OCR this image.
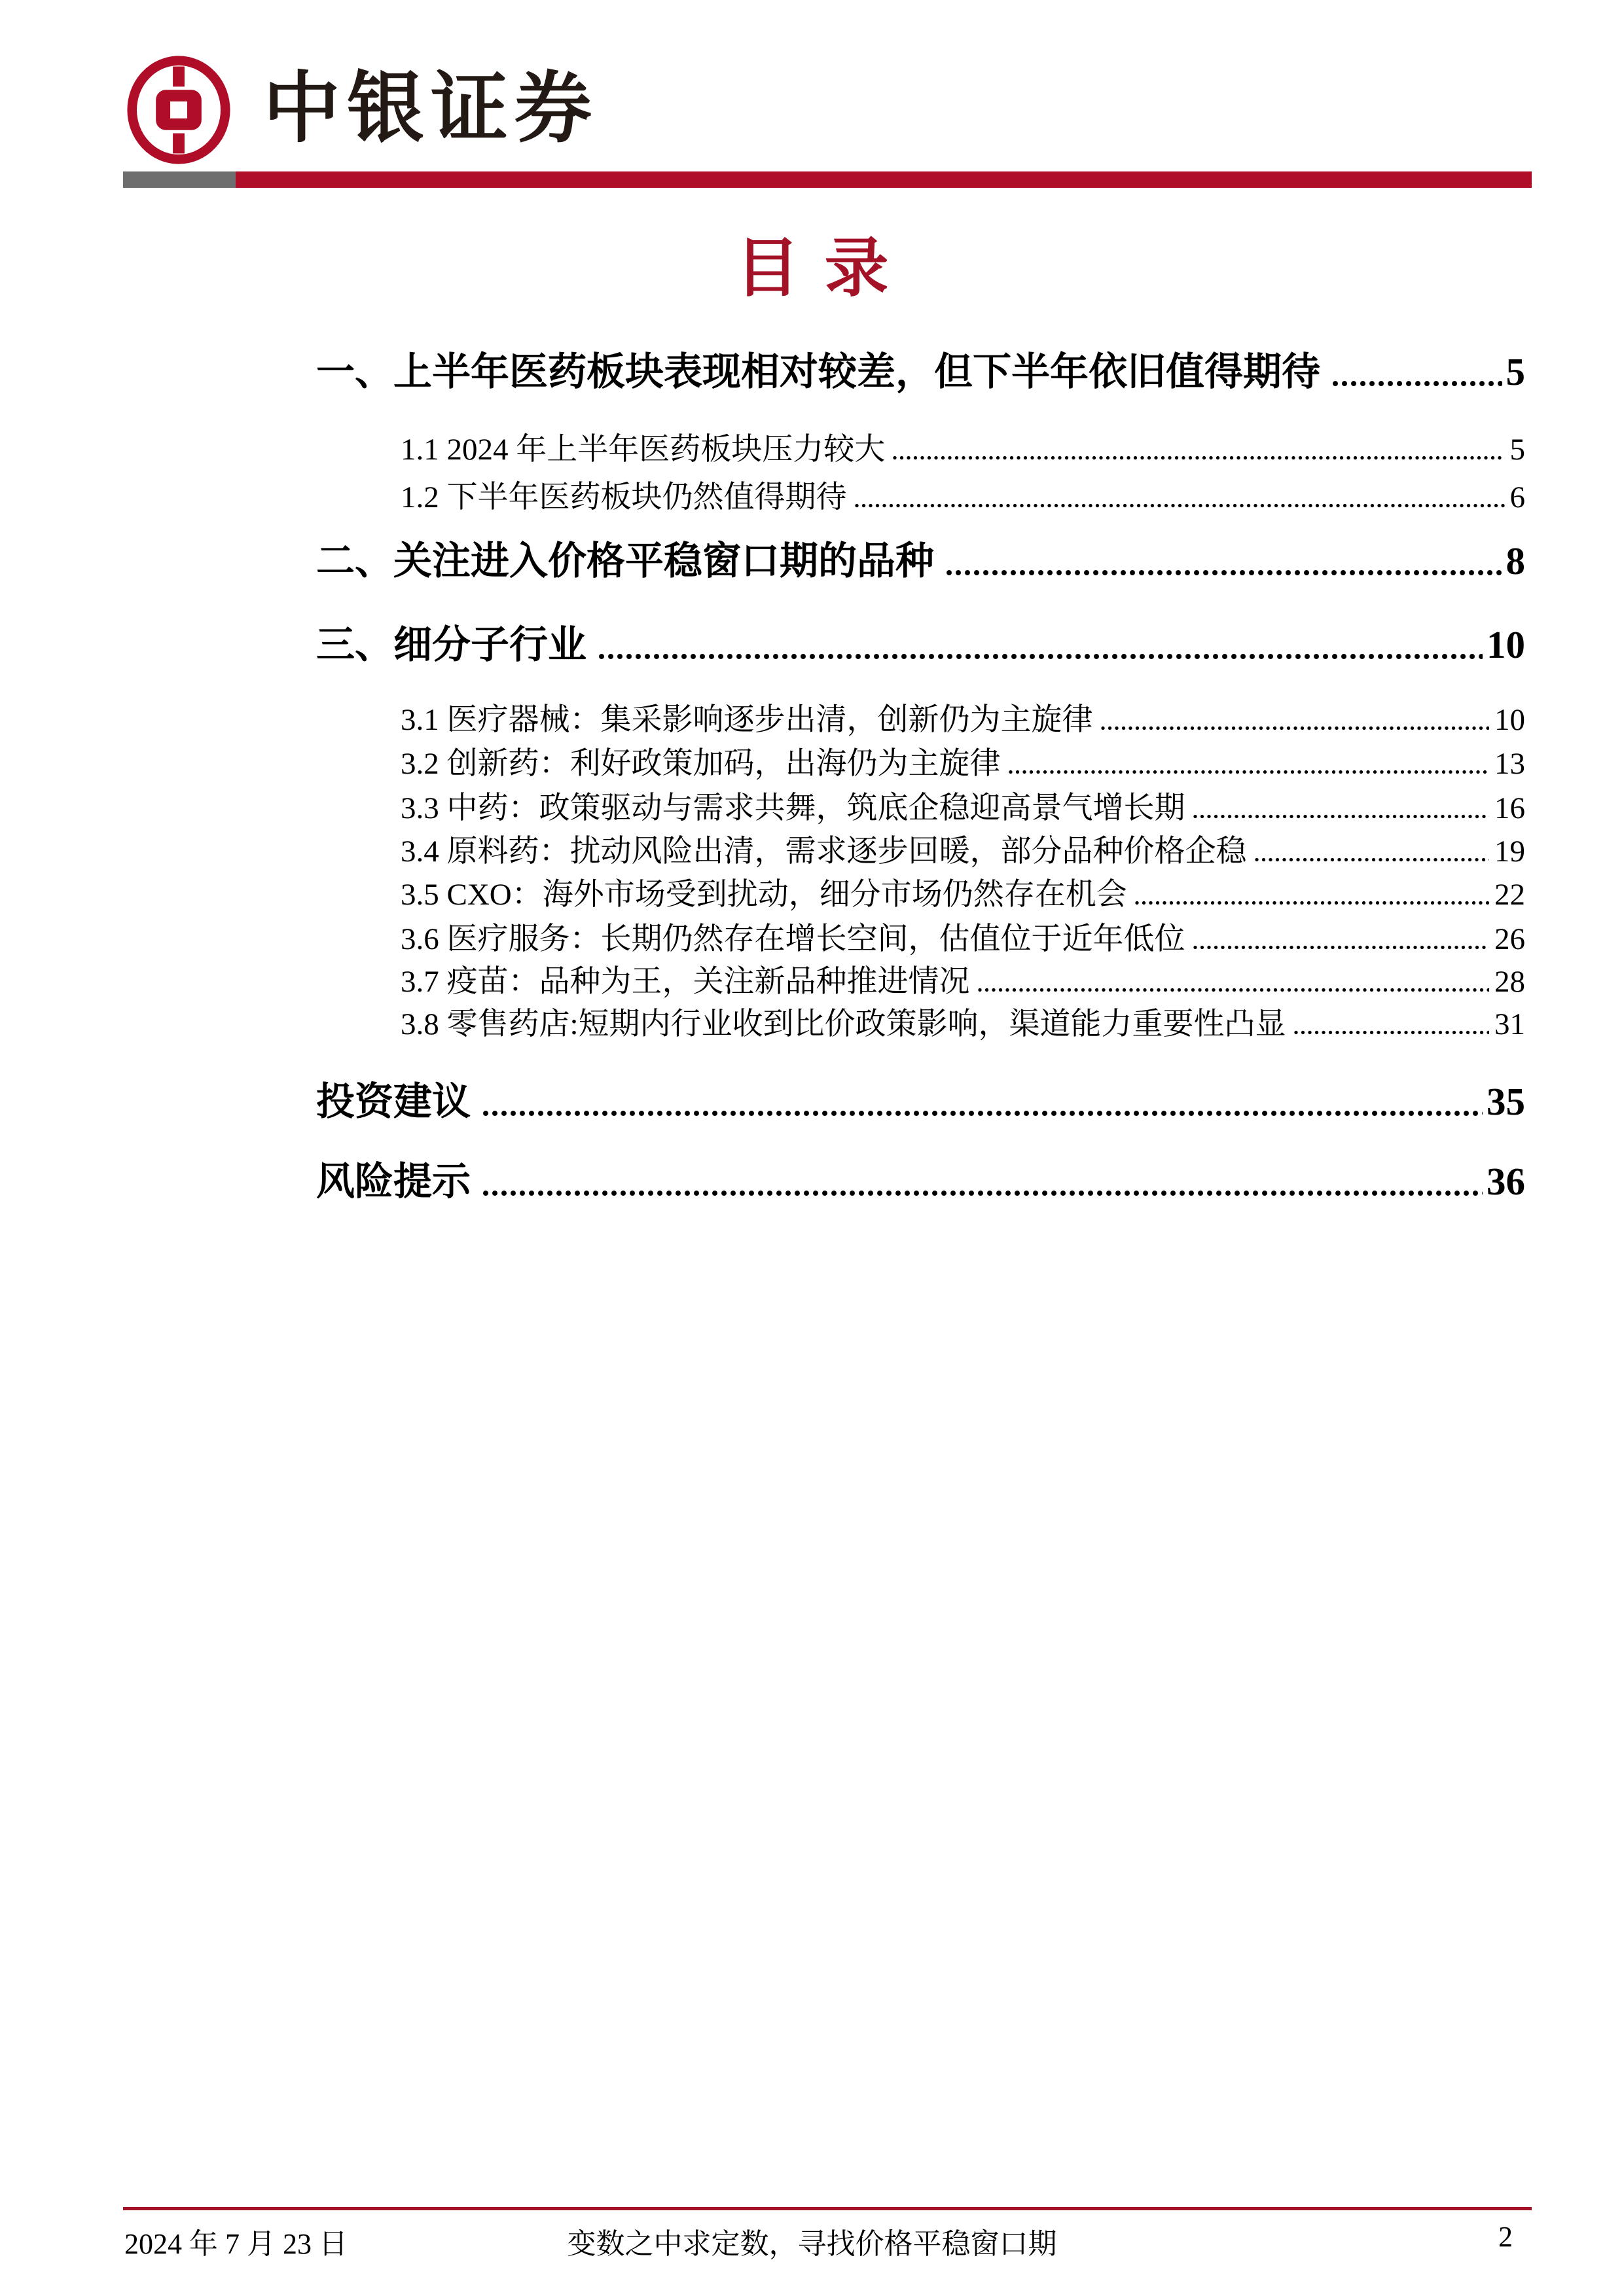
中银证券
目录
一、上半年医药板块表现相对较差，但下半年依旧值得期待	5
1.1 2024 年上半年医药板块压力较大	5
1.2 下半年医药板块仍然值得期待	6
二、关注进入价格平稳窗口期的品种	8
三、细分子行业	10
3.1 医疗器械：集采影响逐步出清，创新仍为主旋律	10
3.2 创新药：利好政策加码，出海仍为主旋律	13
3.3 中药：政策驱动与需求共舞，筑底企稳迎高景气增长期	16
3.4 原料药：扰动风险出清，需求逐步回暖，部分品种价格企稳	19
3.5 CXO：海外市场受到扰动，细分市场仍然存在机会	22
3.6 医疗服务：长期仍然存在增长空间，估值位于近年低位	26
3.7 疫苗：品种为王，关注新品种推进情况	28
3.8 零售药店:短期内行业收到比价政策影响，渠道能力重要性凸显	31
投资建议	35
风险提示	36
2024 年 7 月 23 日	变数之中求定数，寻找价格平稳窗口期	2
